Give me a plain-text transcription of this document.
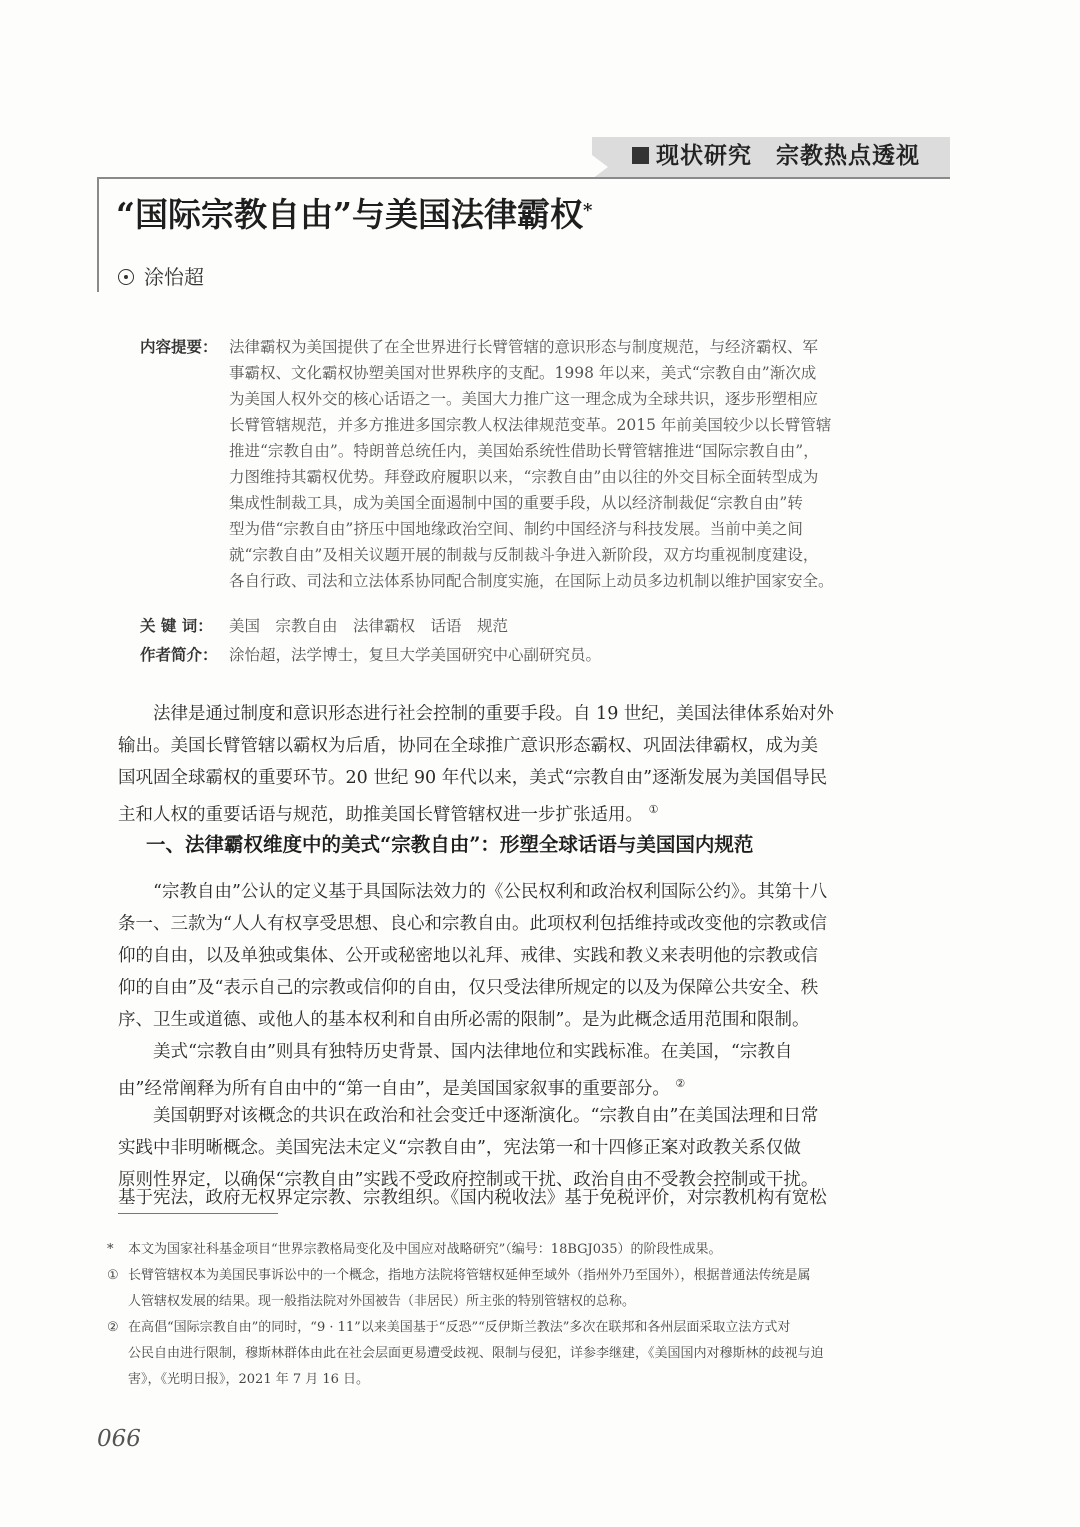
现状研究　宗教热点透视
“国际宗教自由”与美国法律霸权*
涂怡超
内容提要： 法律霸权为美国提供了在全世界进行长臂管辖的意识形态与制度规范，与经济霸权、军
事霸权、文化霸权协塑美国对世界秩序的支配。1998 年以来，美式“宗教自由”渐次成
为美国人权外交的核心话语之一。美国大力推广这一理念成为全球共识，逐步形塑相应
长臂管辖规范，并多方推进多国宗教人权法律规范变革。2015 年前美国较少以长臂管辖
推进“宗教自由”。特朗普总统任内，美国始系统性借助长臂管辖推进“国际宗教自由”，
力图维持其霸权优势。拜登政府履职以来，“宗教自由”由以往的外交目标全面转型成为
集成性制裁工具，成为美国全面遏制中国的重要手段，从以经济制裁促“宗教自由”转
型为借“宗教自由”挤压中国地缘政治空间、制约中国经济与科技发展。当前中美之间
就“宗教自由”及相关议题开展的制裁与反制裁斗争进入新阶段，双方均重视制度建设，
各自行政、司法和立法体系协同配合制度实施，在国际上动员多边机制以维护国家安全。
关 键 词： 美国　宗教自由　法律霸权　话语　规范
作者简介： 涂怡超，法学博士，复旦大学美国研究中心副研究员。
　　法律是通过制度和意识形态进行社会控制的重要手段。自 19 世纪，美国法律体系始对外
输出。美国长臂管辖以霸权为后盾，协同在全球推广意识形态霸权、巩固法律霸权，成为美
国巩固全球霸权的重要环节。20 世纪 90 年代以来，美式“宗教自由”逐渐发展为美国倡导民
主和人权的重要话语与规范，助推美国长臂管辖权进一步扩张适用。 ①
一、法律霸权维度中的美式“宗教自由”：形塑全球话语与美国国内规范
　　“宗教自由”公认的定义基于具国际法效力的《公民权利和政治权利国际公约》。其第十八
条一、三款为“人人有权享受思想、良心和宗教自由。此项权利包括维持或改变他的宗教或信
仰的自由，以及单独或集体、公开或秘密地以礼拜、戒律、实践和教义来表明他的宗教或信
仰的自由”及“表示自己的宗教或信仰的自由，仅只受法律所规定的以及为保障公共安全、秩
序、卫生或道德、或他人的基本权利和自由所必需的限制”。是为此概念适用范围和限制。
　　美式“宗教自由”则具有独特历史背景、国内法律地位和实践标准。在美国，“宗教自
由”经常阐释为所有自由中的“第一自由”，是美国国家叙事的重要部分。 ②
　　美国朝野对该概念的共识在政治和社会变迁中逐渐演化。“宗教自由”在美国法理和日常
实践中非明晰概念。美国宪法未定义“宗教自由”，宪法第一和十四修正案对政教关系仅做
原则性界定，以确保“宗教自由”实践不受政府控制或干扰、政治自由不受教会控制或干扰。
基于宪法，政府无权界定宗教、宗教组织。《国内税收法》基于免税评价，对宗教机构有宽松
* 本文为国家社科基金项目“世界宗教格局变化及中国应对战略研究”（编号：18BGJ035）的阶段性成果。
① 长臂管辖权本为美国民事诉讼中的一个概念，指地方法院将管辖权延伸至域外（指州外乃至国外），根据普通法传统是属
人管辖权发展的结果。现一般指法院对外国被告（非居民）所主张的特别管辖权的总称。
② 在高倡“国际宗教自由”的同时，“9 · 11”以来美国基于“反恐”“反伊斯兰教法”多次在联邦和各州层面采取立法方式对
公民自由进行限制，穆斯林群体由此在社会层面更易遭受歧视、限制与侵犯，详参李继建，《美国国内对穆斯林的歧视与迫
害》，《光明日报》，2021 年 7 月 16 日。
066
